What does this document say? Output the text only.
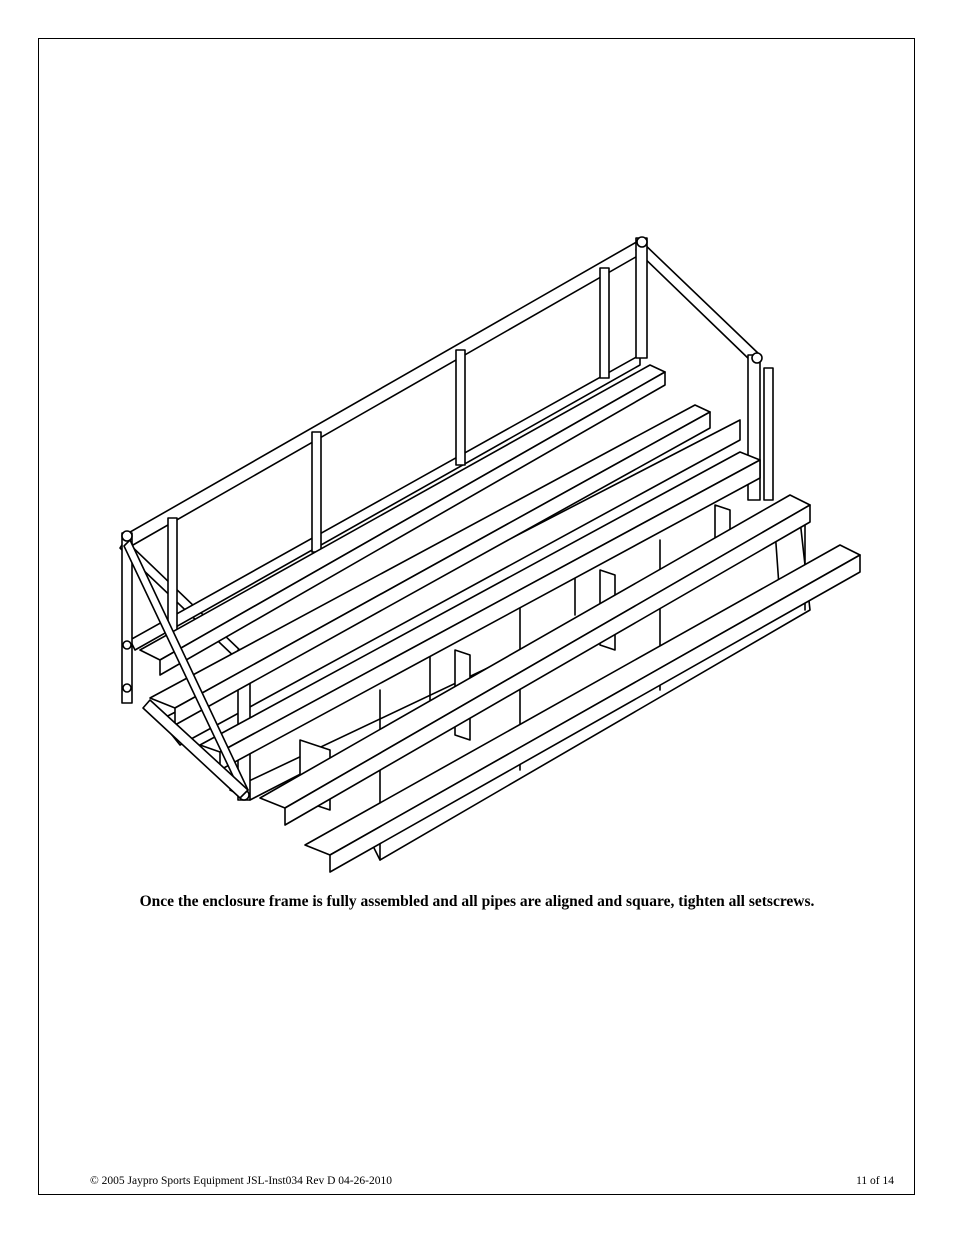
Once the enclosure frame is fully assembled and all pipes are aligned and square, tighten all setscrews.
© 2005 Jaypro Sports Equipment JSL-Inst034 Rev D 04-26-2010	11 of 14
